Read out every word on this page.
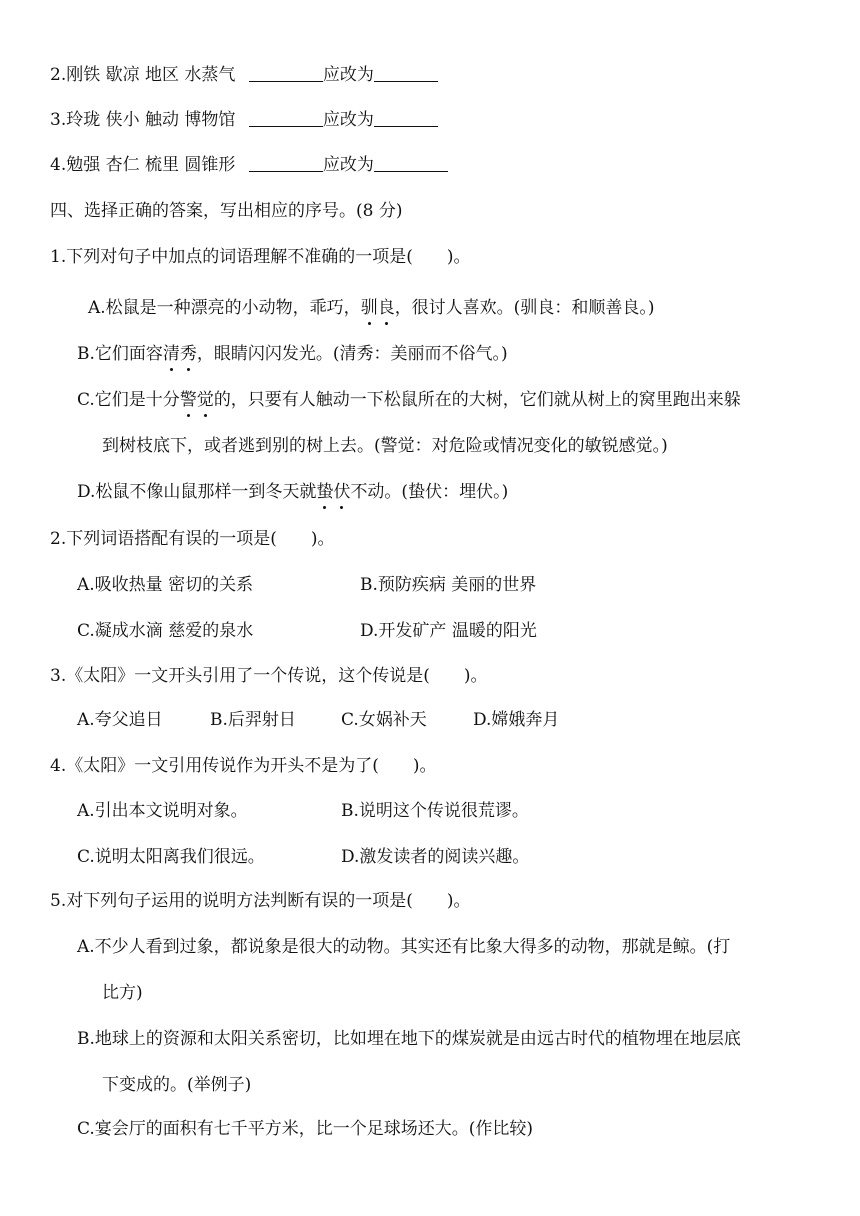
2.刚铁 歇凉 地区 水蒸气	应改为
3.玲珑 侠小 触动 博物馆	应改为
4.勉强 杏仁 梳里 圆锥形	应改为
四、选择正确的答案，写出相应的序号。(8 分)
1.下列对句子中加点的词语理解不准确的一项是( )。
A.松鼠是一种漂亮的小动物，乖巧，驯良，很讨人喜欢。(驯良：和顺善良。)
B.它们面容清秀，眼睛闪闪发光。(清秀：美丽而不俗气。)
C.它们是十分警觉的，只要有人触动一下松鼠所在的大树，它们就从树上的窝里跑出来躲
到树枝底下，或者逃到别的树上去。(警觉：对危险或情况变化的敏锐感觉。)
D.松鼠不像山鼠那样一到冬天就蛰伏不动。(蛰伏：埋伏。)
2.下列词语搭配有误的一项是( )。
A.吸收热量 密切的关系	B.预防疾病 美丽的世界
C.凝成水滴 慈爱的泉水	D.开发矿产 温暖的阳光
3.《太阳》一文开头引用了一个传说，这个传说是( )。
A.夸父追日	B.后羿射日	C.女娲补天	D.嫦娥奔月
4.《太阳》一文引用传说作为开头不是为了( )。
A.引出本文说明对象。	B.说明这个传说很荒谬。
C.说明太阳离我们很远。	D.激发读者的阅读兴趣。
5.对下列句子运用的说明方法判断有误的一项是( )。
A.不少人看到过象，都说象是很大的动物。其实还有比象大得多的动物，那就是鲸。(打
比方)
B.地球上的资源和太阳关系密切，比如埋在地下的煤炭就是由远古时代的植物埋在地层底
下变成的。(举例子)
C.宴会厅的面积有七千平方米，比一个足球场还大。(作比较)
